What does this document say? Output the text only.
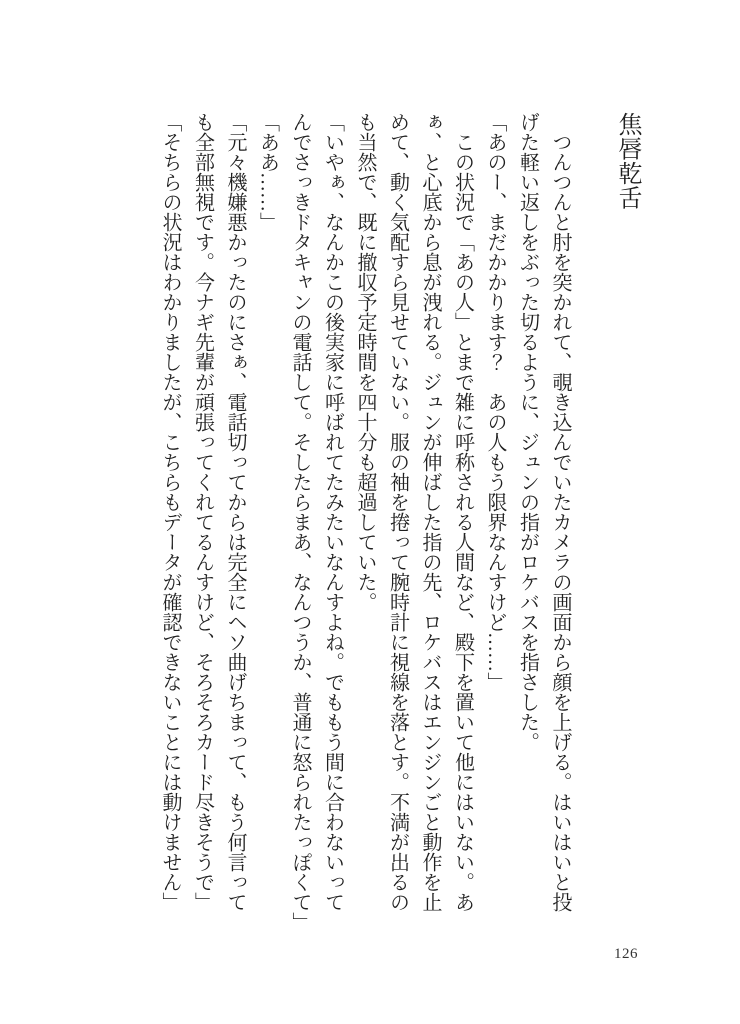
焦唇乾舌

つんつんと肘を突かれて、覗き込んでいたカメラの画面から顔を上げる。はいはいと投げた軽い返しをぶった切るように、ジュンの指がロケバスを指さした。

「あのー、まだかかります？　あの人もう限界なんすけど……」

この状況で「あの人」とまで雑に呼称される人間など、殿下を置いて他にはいない。あぁ、と心底から息が洩れる。ジュンが伸ばした指の先、ロケバスはエンジンごと動作を止めて、動く気配すら見せていない。服の袖を捲って腕時計に視線を落とす。不満が出るのも当然で、既に撤収予定時間を四十分も超過していた。

「いやぁ、なんかこの後実家に呼ばれてたみたいなんすよね。でももう間に合わないってんでさっきドタキャンの電話して。そしたらまあ、なんつうか、普通に怒られたっぽくて」

「ああ……」

「元々機嫌悪かったのにさぁ、電話切ってからは完全にヘソ曲げちまって、もう何言っても全部無視です。今ナギ先輩が頑張ってくれてるんすけど、そろそろカード尽きそうで」

「そちらの状況はわかりましたが、こちらもデータが確認できないことには動けません」

126
